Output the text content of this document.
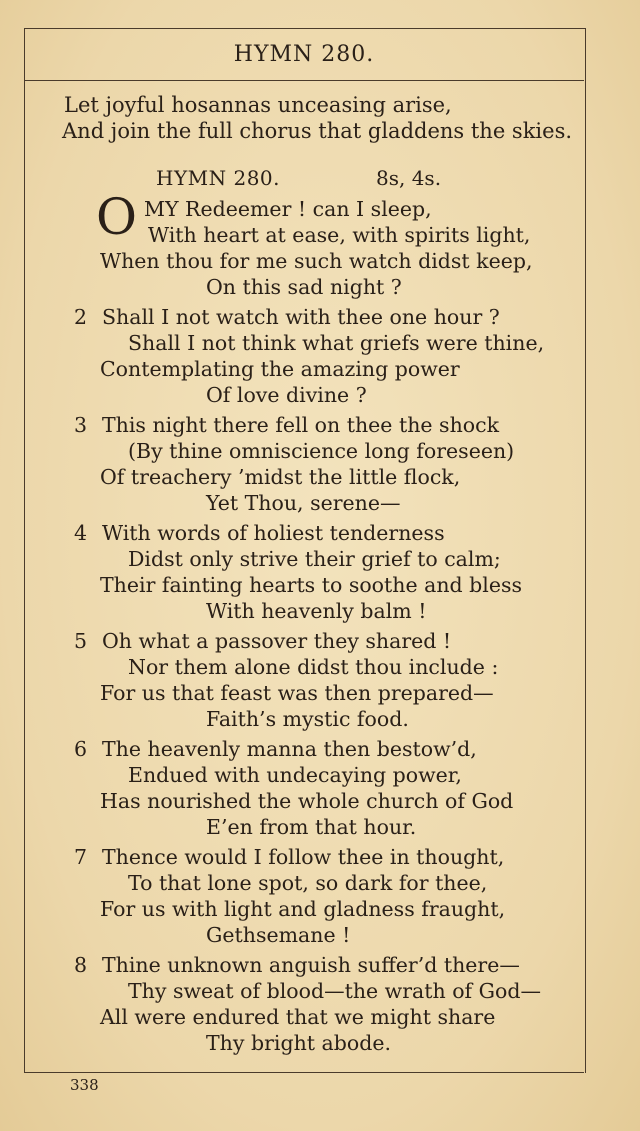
HYMN 280.
Let joyful hosannas unceasing arise,
And join the full chorus that gladdens the skies.
HYMN 280.	8s, 4s.
O MY Redeemer ! can I sleep,
With heart at ease, with spirits light,
When thou for me such watch didst keep,
On this sad night ?
2 Shall I not watch with thee one hour ?
Shall I not think what griefs were thine,
Contemplating the amazing power
Of love divine ?
3 This night there fell on thee the shock
(By thine omniscience long foreseen)
Of treachery ’midst the little flock,
Yet Thou, serene—
4 With words of holiest tenderness
Didst only strive their grief to calm;
Their fainting hearts to soothe and bless
With heavenly balm !
5 Oh what a passover they shared !
Nor them alone didst thou include :
For us that feast was then prepared—
Faith’s mystic food.
6 The heavenly manna then bestow’d,
Endued with undecaying power,
Has nourished the whole church of God
E’en from that hour.
7 Thence would I follow thee in thought,
To that lone spot, so dark for thee,
For us with light and gladness fraught,
Gethsemane !
8 Thine unknown anguish suffer’d there—
Thy sweat of blood—the wrath of God—
All were endured that we might share
Thy bright abode.
338
